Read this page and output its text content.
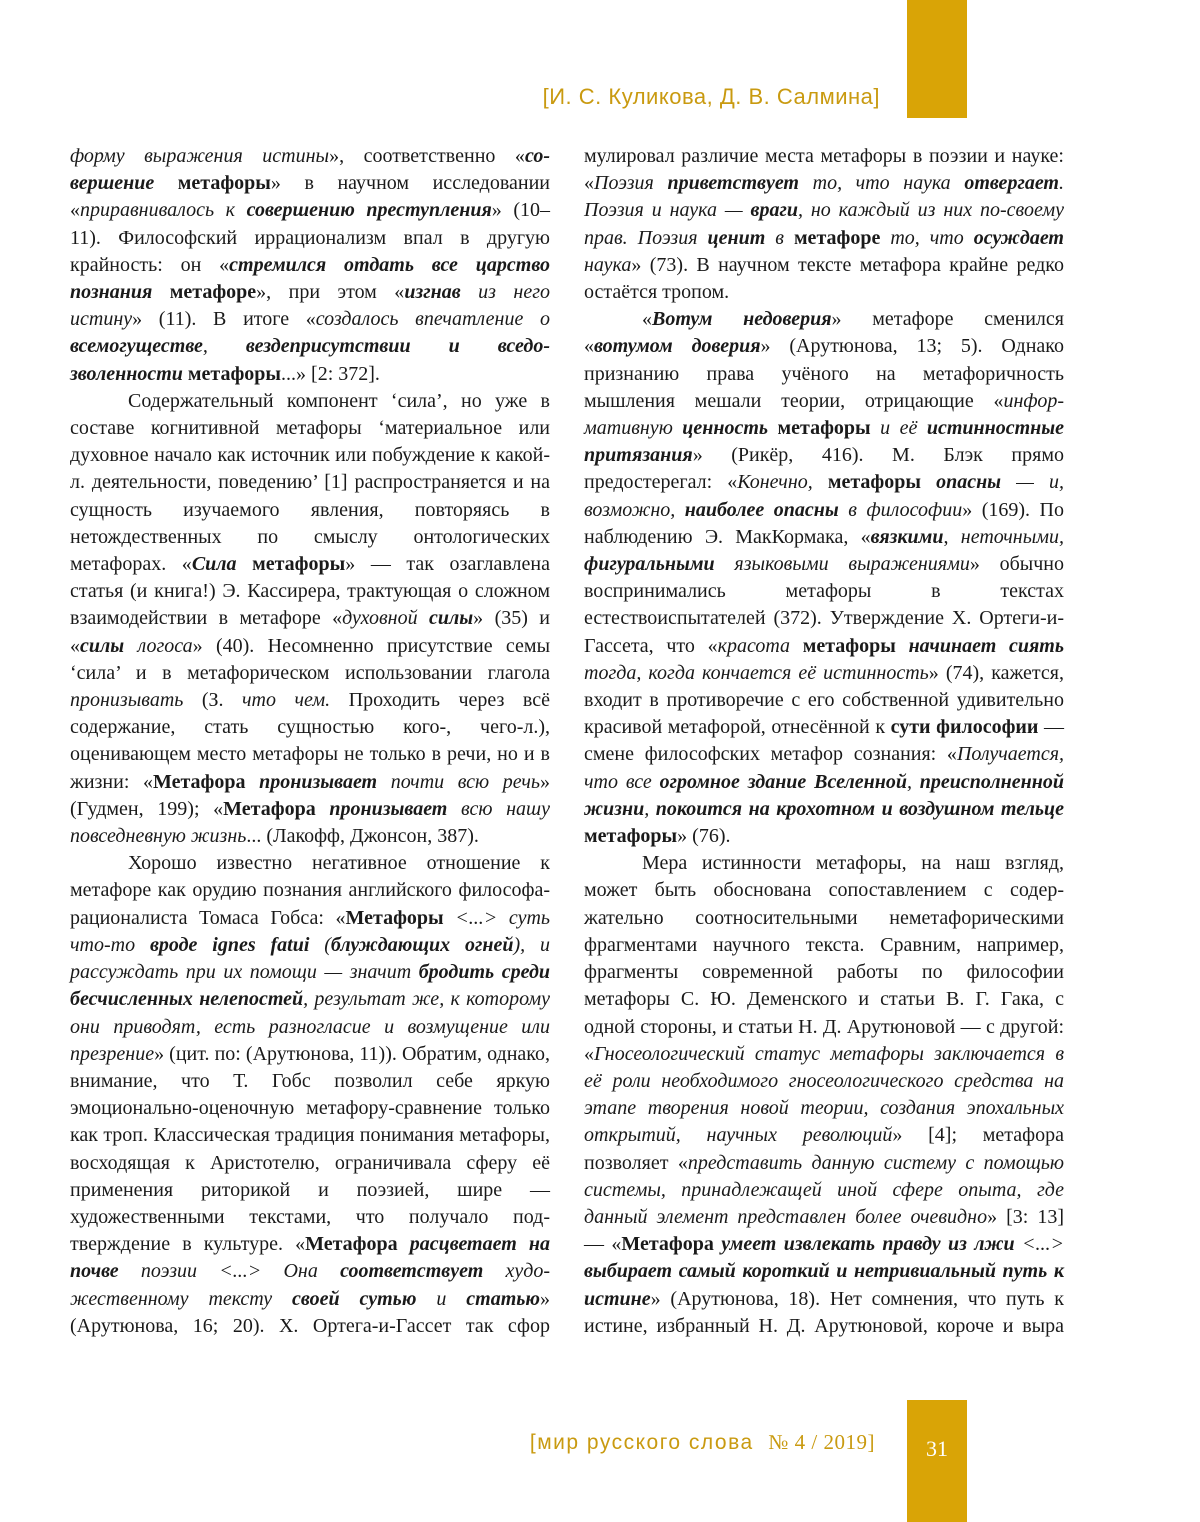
[И. С. Куликова, Д. В. Салмина]

форму выражения истины», соответственно «совершение метафоры» в научном исследовании «приравнивалось к совершению преступления» (10–11). Философский иррационализм впал в другую крайность: он «стремился отдать все царство познания метафоре», при этом «изгнав из него истину» (11). В итоге «создалось впечатление о всемогуществе, вездеприсутствии и вседозволенности метафоры...» [2: 372].

Содержательный компонент ‘сила’, но уже в составе когнитивной метафоры ‘материальное или духовное начало как источник или побуждение к какой-л. деятельности, поведению’ [1] распространяется и на сущность изучаемого явления, повторяясь в нетождественных по смыслу онтологических метафорах. «Сила метафоры» — так озаглавлена статья (и книга!) Э. Кассирера, трактующая о сложном взаимодействии в метафоре «духовной силы» (35) и «силы логоса» (40). Несомненно присутствие семы ‘сила’ и в метафорическом использовании глагола пронизывать (З. что чем. Проходить через всё содержание, стать сущностью кого-, чего-л.), оценивающем место метафоры не только в речи, но и в жизни: «Метафора пронизывает почти всю речь» (Гудмен, 199); «Метафора пронизывает всю нашу повседневную жизнь... (Лакофф, Джонсон, 387).

Хорошо известно негативное отношение к метафоре как орудию познания английского философа-рационалиста Томаса Гобса: «Метафоры <...> суть что-то вроде ignes fatui (блуждающих огней), и рассуждать при их помощи — значит бродить среди бесчисленных нелепостей, результат же, к которому они приводят, есть разногласие и возмущение или презрение» (цит. по: (Арутюнова, 11)). Обратим, однако, внимание, что Т. Гобс позволил себе яркую эмоционально-оценочную метафору-сравнение только как троп. Классическая традиция понимания метафоры, восходящая к Аристотелю, ограничивала сферу её применения риторикой и поэзией, шире — художественными текстами, что получало подтверждение в культуре. «Метафора расцветает на почве поэзии <...> Она соответствует художественному тексту своей сутью и статью» (Арутюнова, 16; 20). Х. Ортега-и-Гассет так сфор

мулировал различие места метафоры в поэзии и науке: «Поэзия приветствует то, что наука отвергает. Поэзия и наука — враги, но каждый из них по-своему прав. Поэзия ценит в метафоре то, что осуждает наука» (73). В научном тексте метафора крайне редко остаётся тропом.

«Вотум недоверия» метафоре сменился «вотумом доверия» (Арутюнова, 13; 5). Однако признанию права учёного на метафоричность мышления мешали теории, отрицающие «информативную ценность метафоры и её истинностные притязания» (Рикёр, 416). М. Блэк прямо предостерегал: «Конечно, метафоры опасны — и, возможно, наиболее опасны в философии» (169). По наблюдению Э. МакКормака, «вязкими, неточными, фигуральными языковыми выражениями» обычно воспринимались метафоры в текстах естествоиспытателей (372). Утверждение Х. Ортеги-и-Гассета, что «красота метафоры начинает сиять тогда, когда кончается её истинность» (74), кажется, входит в противоречие с его собственной удивительно красивой метафорой, отнесённой к сути философии — смене философских метафор сознания: «Получается, что все огромное здание Вселенной, преисполненной жизни, покоится на крохотном и воздушном тельце метафоры» (76).

Мера истинности метафоры, на наш взгляд, может быть обоснована сопоставлением с содержательно соотносительными неметафорическими фрагментами научного текста. Сравним, например, фрагменты современной работы по философии метафоры С. Ю. Деменского и статьи В. Г. Гака, с одной стороны, и статьи Н. Д. Арутюновой — с другой: «Гносеологический статус метафоры заключается в её роли необходимого гносеологического средства на этапе творения новой теории, создания эпохальных открытий, научных революций» [4]; метафора позволяет «представить данную систему с помощью системы, принадлежащей иной сфере опыта, где данный элемент представлен более очевидно» [3: 13] — «Метафора умеет извлекать правду из лжи <...> выбирает самый короткий и нетривиальный путь к истине» (Арутюнова, 18). Нет сомнения, что путь к истине, избранный Н. Д. Арутюновой, короче и выра

[мир русского слова № 4 / 2019]	31
